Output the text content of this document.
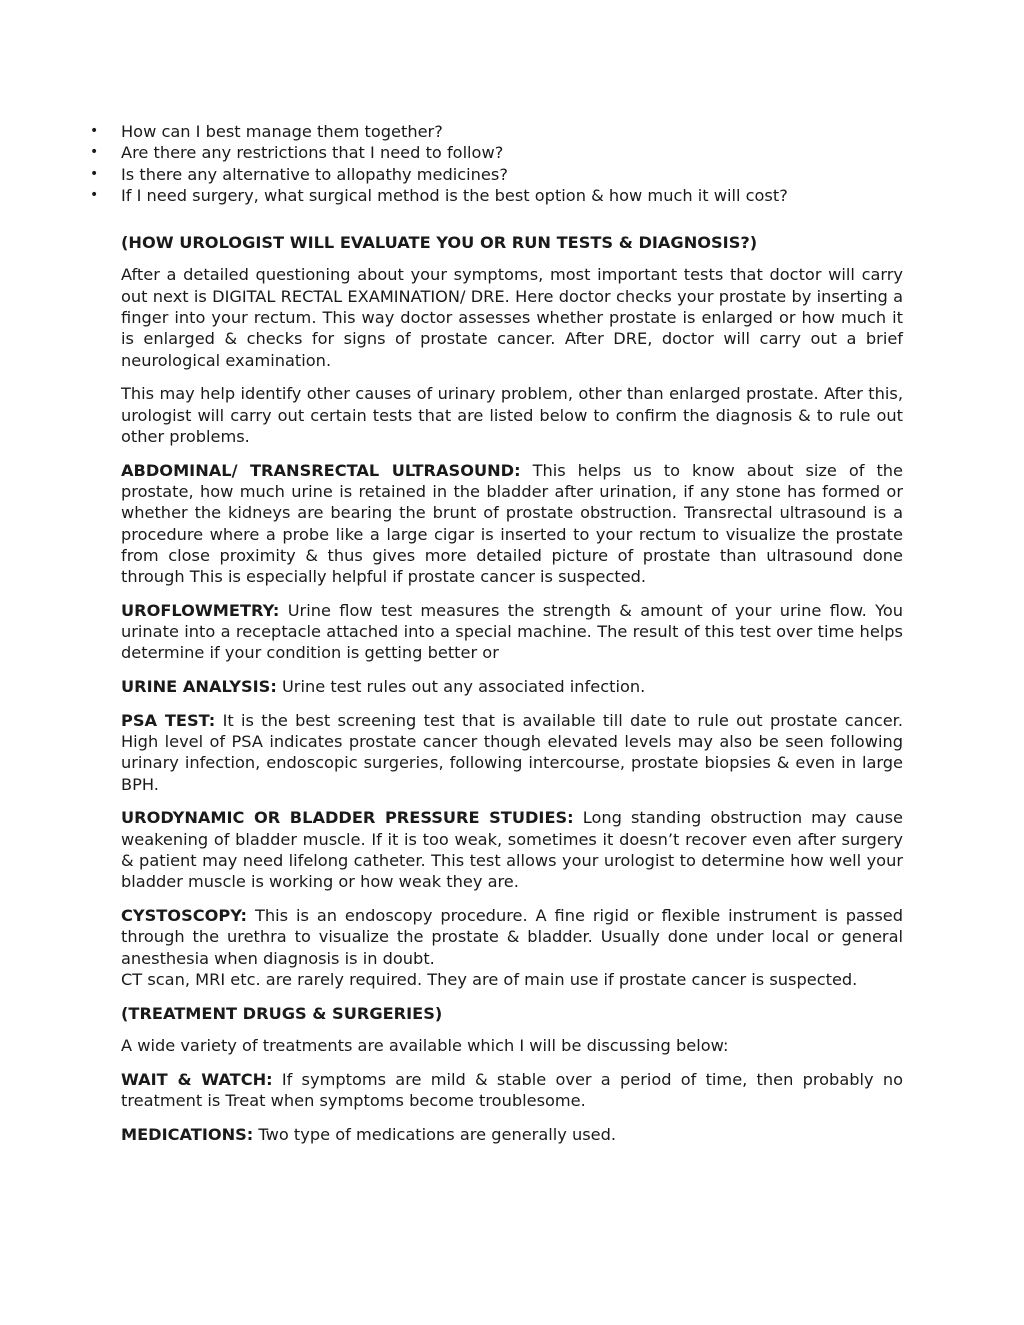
• How can I best manage them together?
• Are there any restrictions that I need to follow?
• Is there any alternative to allopathy medicines?
• If I need surgery, what surgical method is the best option & how much it will cost?

(HOW UROLOGIST WILL EVALUATE YOU OR RUN TESTS & DIAGNOSIS?)

After a detailed questioning about your symptoms, most important tests that doctor will carry out next is DIGITAL RECTAL EXAMINATION/ DRE. Here doctor checks your prostate by inserting a finger into your rectum. This way doctor assesses whether prostate is enlarged or how much it is enlarged & checks for signs of prostate cancer. After DRE, doctor will carry out a brief neurological examination.

This may help identify other causes of urinary problem, other than enlarged prostate. After this, urologist will carry out certain tests that are listed below to confirm the diagnosis & to rule out other problems.

ABDOMINAL/ TRANSRECTAL ULTRASOUND: This helps us to know about size of the prostate, how much urine is retained in the bladder after urination, if any stone has formed or whether the kidneys are bearing the brunt of prostate obstruction. Transrectal ultrasound is a procedure where a probe like a large cigar is inserted to your rectum to visualize the prostate from close proximity & thus gives more detailed picture of prostate than ultrasound done through This is especially helpful if prostate cancer is suspected.

UROFLOWMETRY: Urine flow test measures the strength & amount of your urine flow. You urinate into a receptacle attached into a special machine. The result of this test over time helps determine if your condition is getting better or

URINE ANALYSIS: Urine test rules out any associated infection.

PSA TEST: It is the best screening test that is available till date to rule out prostate cancer. High level of PSA indicates prostate cancer though elevated levels may also be seen following urinary infection, endoscopic surgeries, following intercourse, prostate biopsies & even in large BPH.

URODYNAMIC OR BLADDER PRESSURE STUDIES: Long standing obstruction may cause weakening of bladder muscle. If it is too weak, sometimes it doesn’t recover even after surgery & patient may need lifelong catheter. This test allows your urologist to determine how well your bladder muscle is working or how weak they are.

CYSTOSCOPY: This is an endoscopy procedure. A fine rigid or flexible instrument is passed through the urethra to visualize the prostate & bladder. Usually done under local or general anesthesia when diagnosis is in doubt.
CT scan, MRI etc. are rarely required. They are of main use if prostate cancer is suspected.

(TREATMENT DRUGS & SURGERIES)

A wide variety of treatments are available which I will be discussing below:

WAIT & WATCH: If symptoms are mild & stable over a period of time, then probably no treatment is Treat when symptoms become troublesome.

MEDICATIONS: Two type of medications are generally used.
